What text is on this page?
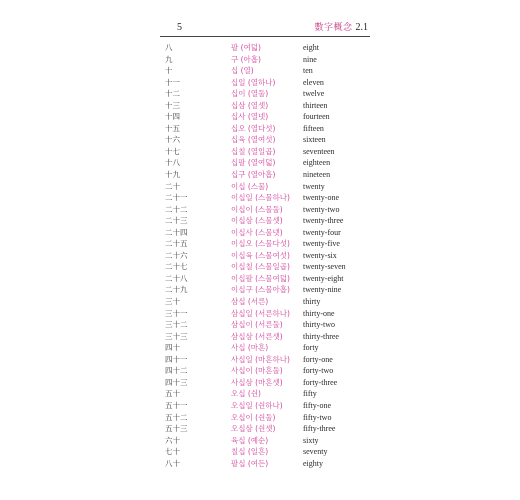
5	數字概念 2.1
八	팔 (여덟)	eight
九	구 (아홉)	nine
十	십 (열)	ten
十一	십일 (열하나)	eleven
十二	십이 (열둘)	twelve
十三	십삼 (열셋)	thirteen
十四	십사 (열넷)	fourteen
十五	십오 (열다섯)	fifteen
十六	십육 (열여섯)	sixteen
十七	십칠 (열일곱)	seventeen
十八	십팔 (열여덟)	eighteen
十九	십구 (열아홉)	nineteen
二十	이십 (스물)	twenty
二十一	이십일 (스물하나)	twenty-one
二十二	이십이 (스물둘)	twenty-two
二十三	이십삼 (스물셋)	twenty-three
二十四	이십사 (스물넷)	twenty-four
二十五	이십오 (스물다섯)	twenty-five
二十六	이십육 (스물여섯)	twenty-six
二十七	이십칠 (스물일곱)	twenty-seven
二十八	이십팔 (스물여덟)	twenty-eight
二十九	이십구 (스물아홉)	twenty-nine
三十	삼십 (서른)	thirty
三十一	삼십일 (서른하나)	thirty-one
三十二	삼십이 (서른둘)	thirty-two
三十三	삼십삼 (서른셋)	thirty-three
四十	사십 (마흔)	forty
四十一	사십일 (마흔하나)	forty-one
四十二	사십이 (마흔둘)	forty-two
四十三	사십삼 (마흔셋)	forty-three
五十	오십 (쉰)	fifty
五十一	오십일 (쉰하나)	fifty-one
五十二	오십이 (쉰둘)	fifty-two
五十三	오십삼 (쉰셋)	fifty-three
六十	육십 (예순)	sixty
七十	칠십 (일흔)	seventy
八十	팔십 (여든)	eighty
